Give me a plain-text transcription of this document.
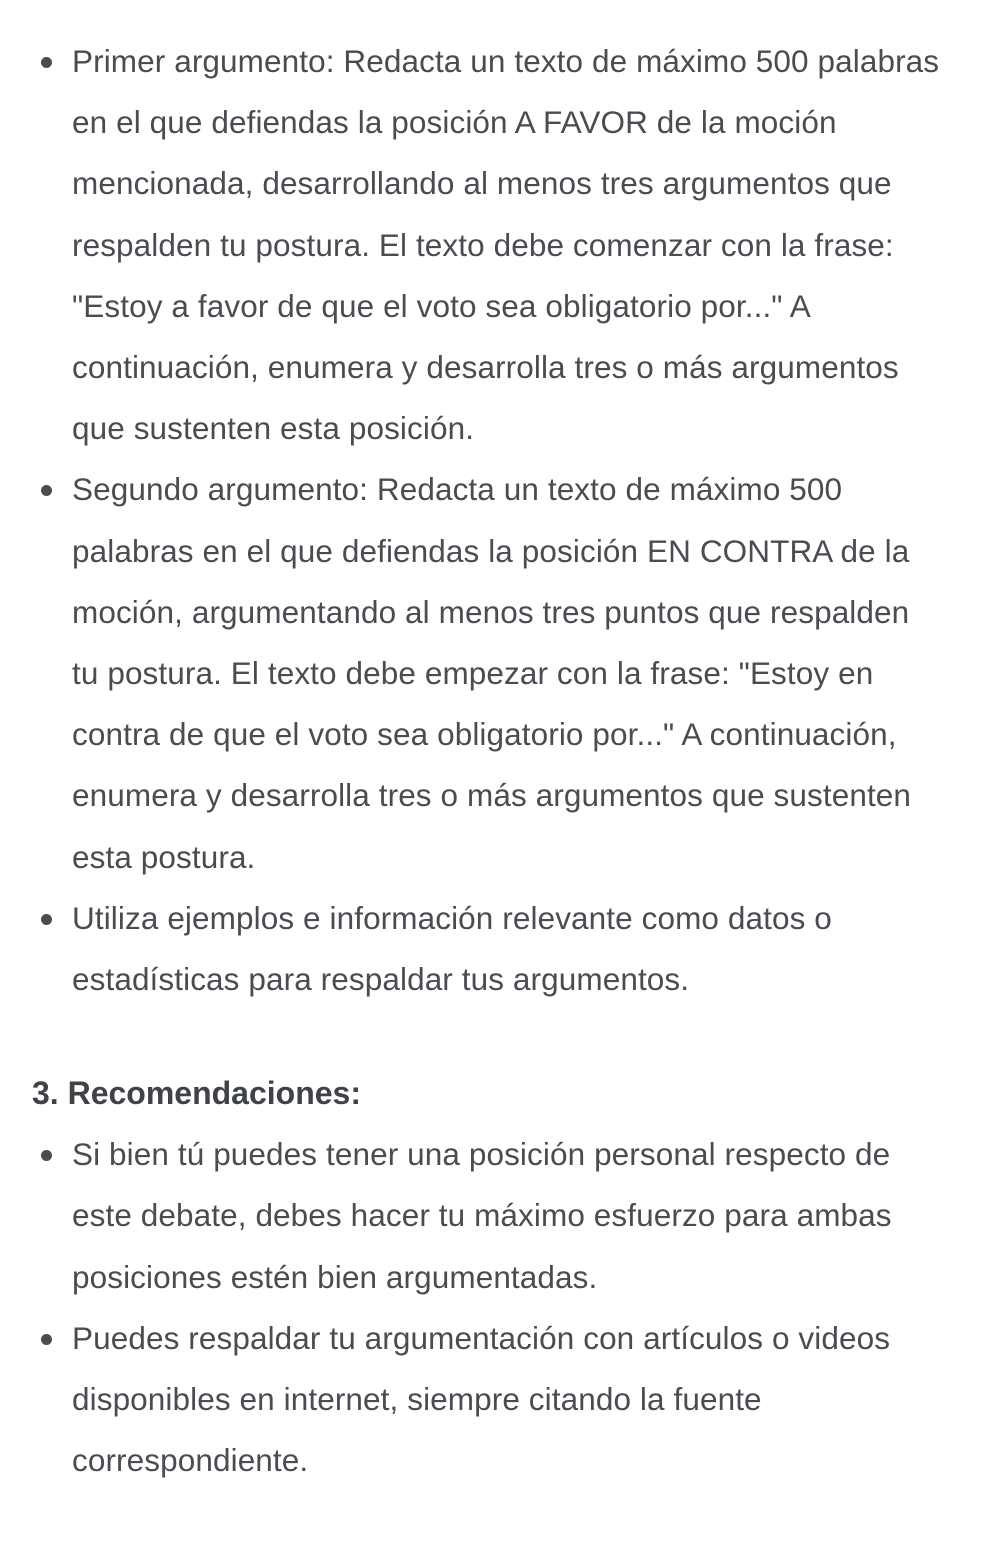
Primer argumento: Redacta un texto de máximo 500 palabras en el que defiendas la posición A FAVOR de la moción mencionada, desarrollando al menos tres argumentos que respalden tu postura. El texto debe comenzar con la frase: "Estoy a favor de que el voto sea obligatorio por..." A continuación, enumera y desarrolla tres o más argumentos que sustenten esta posición.
Segundo argumento: Redacta un texto de máximo 500 palabras en el que defiendas la posición EN CONTRA de la moción, argumentando al menos tres puntos que respalden tu postura. El texto debe empezar con la frase: "Estoy en contra de que el voto sea obligatorio por..." A continuación, enumera y desarrolla tres o más argumentos que sustenten esta postura.
Utiliza ejemplos e información relevante como datos o estadísticas para respaldar tus argumentos.
3. Recomendaciones:
Si bien tú puedes tener una posición personal respecto de este debate, debes hacer tu máximo esfuerzo para ambas posiciones estén bien argumentadas.
Puedes respaldar tu argumentación con artículos o videos disponibles en internet, siempre citando la fuente correspondiente.
